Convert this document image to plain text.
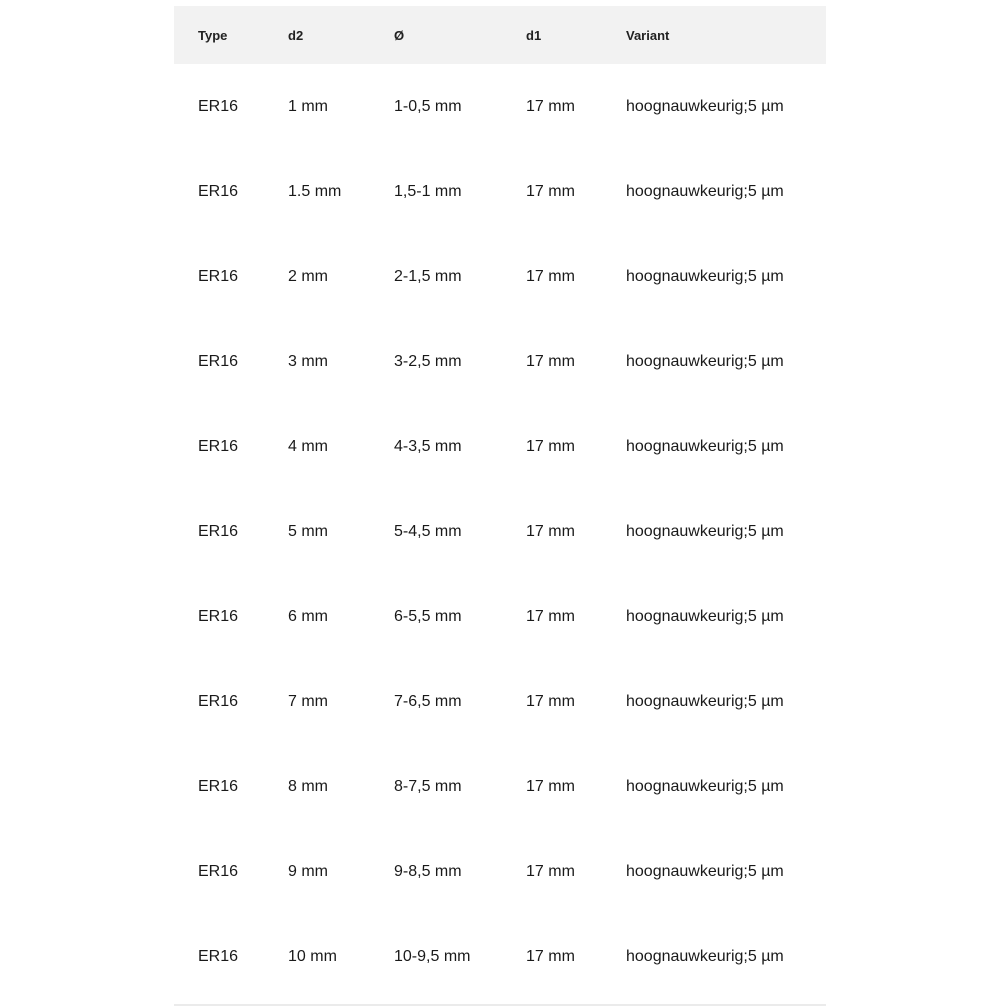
Type	d2	Ø	d1	Variant
ER16	1 mm	1-0,5 mm	17 mm	hoognauwkeurig;5 µm
ER16	1.5 mm	1,5-1 mm	17 mm	hoognauwkeurig;5 µm
ER16	2 mm	2-1,5 mm	17 mm	hoognauwkeurig;5 µm
ER16	3 mm	3-2,5 mm	17 mm	hoognauwkeurig;5 µm
ER16	4 mm	4-3,5 mm	17 mm	hoognauwkeurig;5 µm
ER16	5 mm	5-4,5 mm	17 mm	hoognauwkeurig;5 µm
ER16	6 mm	6-5,5 mm	17 mm	hoognauwkeurig;5 µm
ER16	7 mm	7-6,5 mm	17 mm	hoognauwkeurig;5 µm
ER16	8 mm	8-7,5 mm	17 mm	hoognauwkeurig;5 µm
ER16	9 mm	9-8,5 mm	17 mm	hoognauwkeurig;5 µm
ER16	10 mm	10-9,5 mm	17 mm	hoognauwkeurig;5 µm
